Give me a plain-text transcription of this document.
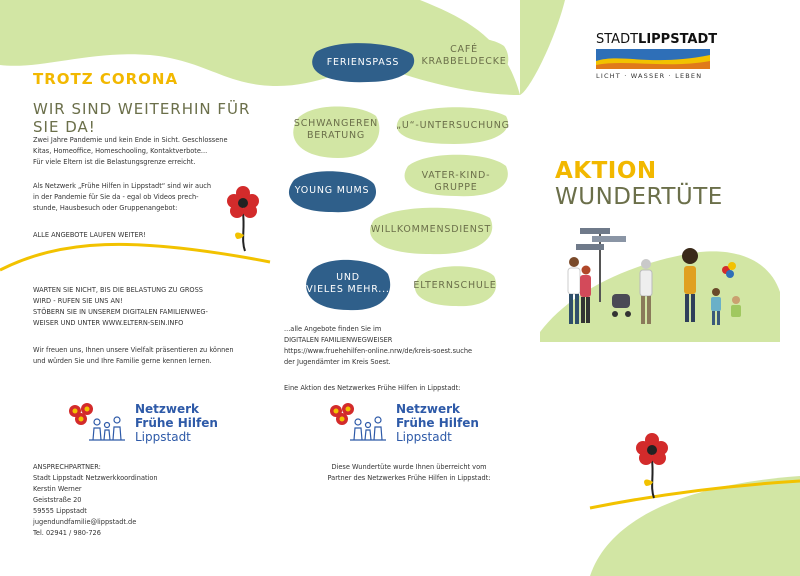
TROTZ CORONA
WIR SIND WEITERHIN FÜR SIE DA!
Zwei Jahre Pandemie und kein Ende in Sicht. Geschlossene
Kitas, Homeoffice, Homeschooling, Kontaktverbote...
Für viele Eltern ist die Belastungsgrenze erreicht.
Als Netzwerk „Frühe Hilfen in Lippstadt“ sind wir auch
in der Pandemie für Sie da - egal ob Videos prech-
stunde, Hausbesuch oder Gruppenangebot:
ALLE ANGEBOTE LAUFEN WEITER!
WARTEN SIE NICHT, BIS DIE BELASTUNG ZU GROSS
WIRD - RUFEN SIE UNS AN!
STÖBERN SIE IN UNSEREM DIGITALEN FAMILIENWEG-
WEISER UND UNTER WWW.ELTERN-SEIN.INFO
Wir freuen uns, Ihnen unsere Vielfalt präsentieren zu können
und würden Sie und Ihre Familie gerne kennen lernen.
Netzwerk
Frühe Hilfen
Lippstadt
ANSPRECHPARTNER:
Stadt Lippstadt Netzwerkkoordination
Kerstin Werner
Geiststraße 20
59555 Lippstadt
jugendundfamilie@lippstadt.de
Tel. 02941 / 980-726
FERIENSPASS
CAFÉ
KRABBELDECKE
SCHWANGEREN
BERATUNG
„U“-UNTERSUCHUNG
YOUNG MUMS
VATER-KIND-GRUPPE
WILLKOMMENSDIENST
UND
VIELES MEHR...	ELTERNSCHULE
...alle Angebote finden Sie im
DIGITALEN FAMILIENWEGWEISER
https://www.fruehehilfen-online.nrw/de/kreis-soest.suche
der Jugendämter im Kreis Soest.
Eine Aktion des Netzwerkes Frühe Hilfen in Lippstadt:
Netzwerk
Frühe Hilfen
Lippstadt
Diese Wundertüte wurde Ihnen überreicht vom
Partner des Netzwerkes Frühe Hilfen in Lippstadt:
STADTLIPPSTADT
LICHT · WASSER · LEBEN
AKTION WUNDERTÜTE
